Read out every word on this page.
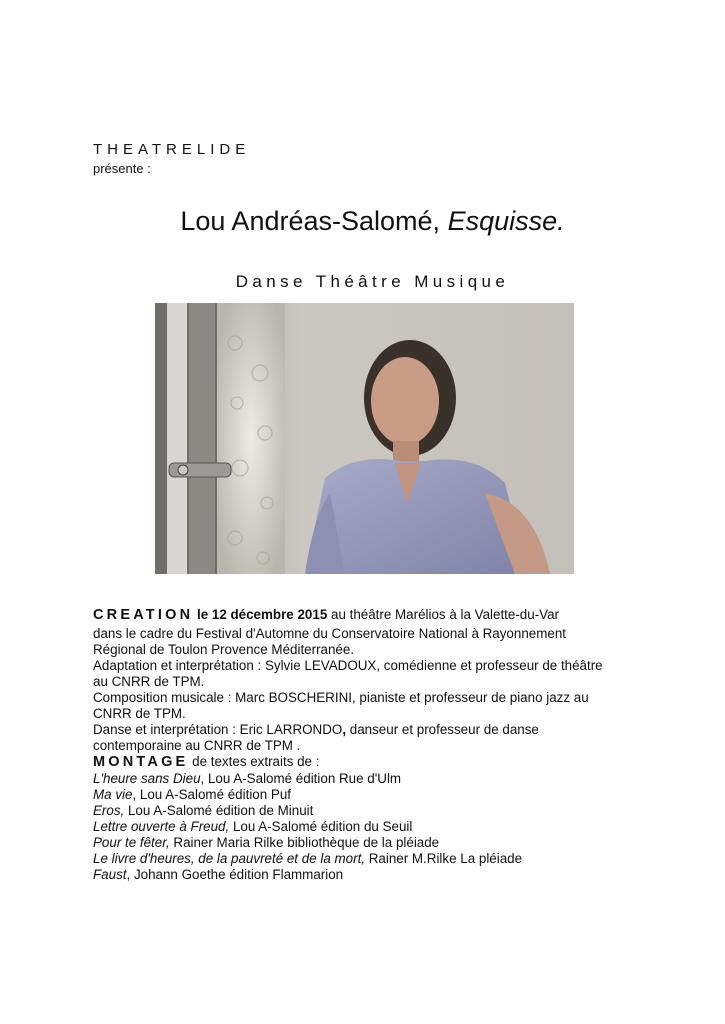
THEATRELIDE
présente :
Lou Andréas-Salomé, Esquisse.
Danse Théâtre Musique
CREATION le 12 décembre 2015 au théâtre Marélios à la Valette-du-Var
dans le cadre du Festival d'Automne du Conservatoire National à Rayonnement
Régional de Toulon Provence Méditerranée.
Adaptation et interprétation : Sylvie LEVADOUX, comédienne et professeur de théâtre
au CNRR de TPM.
Composition musicale : Marc BOSCHERINI, pianiste et professeur de piano jazz au
CNRR de TPM.
Danse et interprétation : Eric LARRONDO, danseur et professeur de danse
contemporaine au CNRR de TPM .
MONTAGE de textes extraits de :
L'heure sans Dieu, Lou A-Salomé édition Rue d'Ulm
Ma vie, Lou A-Salomé édition Puf
Eros, Lou A-Salomé édition de Minuit
Lettre ouverte à Freud, Lou A-Salomé édition du Seuil
Pour te fêter, Rainer Maria Rilke bibliothèque de la pléiade
Le livre d'heures, de la pauvreté et de la mort, Rainer M.Rilke La pléiade
Faust, Johann Goethe édition Flammarion
